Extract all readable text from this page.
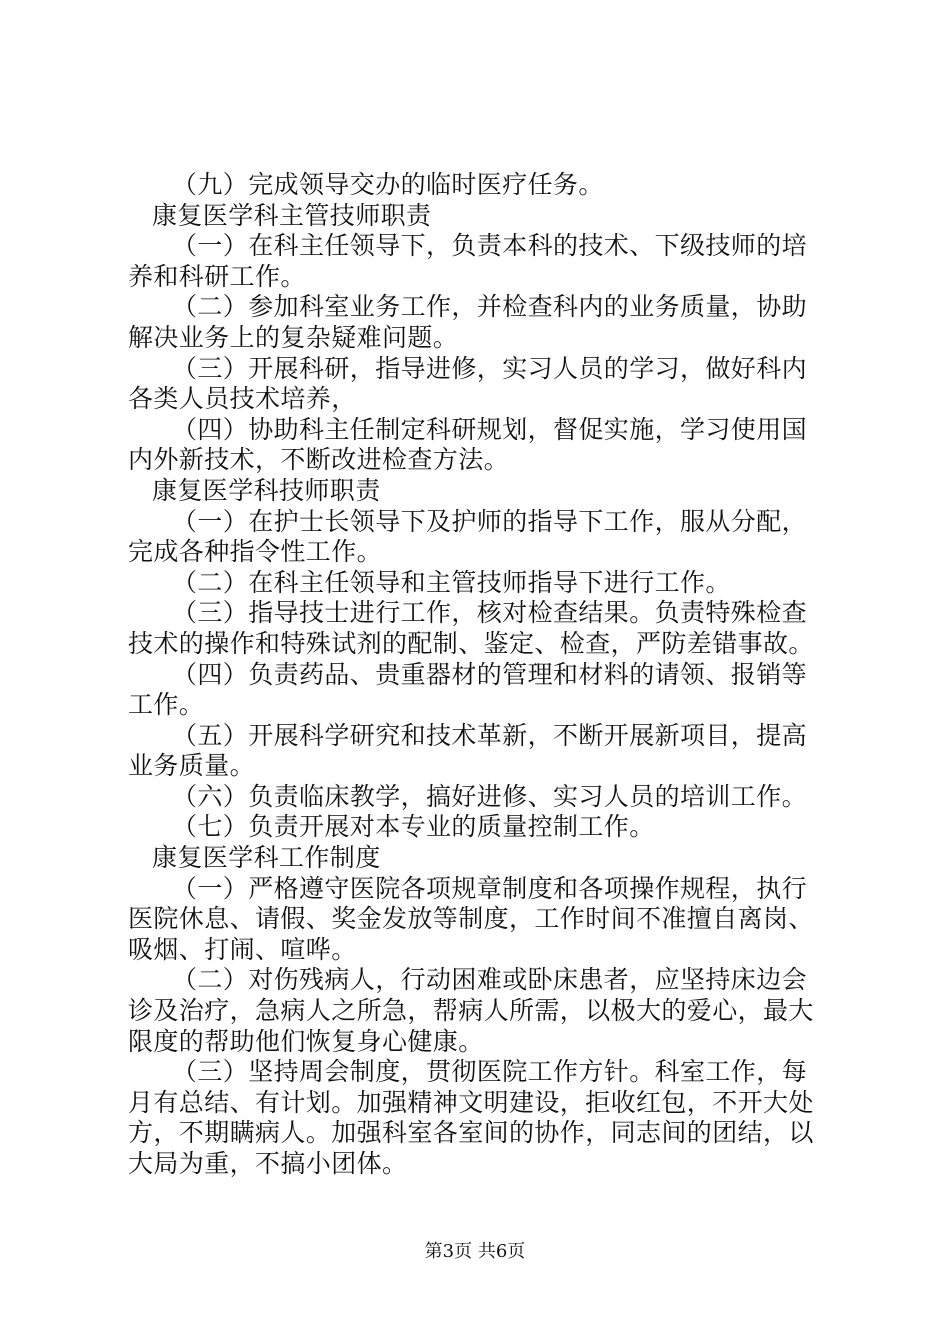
（九）完成领导交办的临时医疗任务。
康复医学科主管技师职责
（一）在科主任领导下，负责本科的技术、下级技师的培
养和科研工作。
（二）参加科室业务工作，并检查科内的业务质量，协助
解决业务上的复杂疑难问题。
（三）开展科研，指导进修，实习人员的学习，做好科内
各类人员技术培养，
（四）协助科主任制定科研规划，督促实施，学习使用国
内外新技术，不断改进检查方法。
康复医学科技师职责
（一）在护士长领导下及护师的指导下工作，服从分配，
完成各种指令性工作。
（二）在科主任领导和主管技师指导下进行工作。
（三）指导技士进行工作，核对检查结果。负责特殊检查
技术的操作和特殊试剂的配制、鉴定、检查，严防差错事故。
（四）负责药品、贵重器材的管理和材料的请领、报销等
工作。
（五）开展科学研究和技术革新，不断开展新项目，提高
业务质量。
（六）负责临床教学，搞好进修、实习人员的培训工作。
（七）负责开展对本专业的质量控制工作。
康复医学科工作制度
（一）严格遵守医院各项规章制度和各项操作规程，执行
医院休息、请假、奖金发放等制度，工作时间不准擅自离岗、
吸烟、打闹、喧哗。
（二）对伤残病人，行动困难或卧床患者，应坚持床边会
诊及治疗，急病人之所急，帮病人所需，以极大的爱心，最大
限度的帮助他们恢复身心健康。
（三）坚持周会制度，贯彻医院工作方针。科室工作，每
月有总结、有计划。加强精神文明建设，拒收红包，不开大处
方，不期瞒病人。加强科室各室间的协作，同志间的团结，以
大局为重，不搞小团体。
第3页 共6页
